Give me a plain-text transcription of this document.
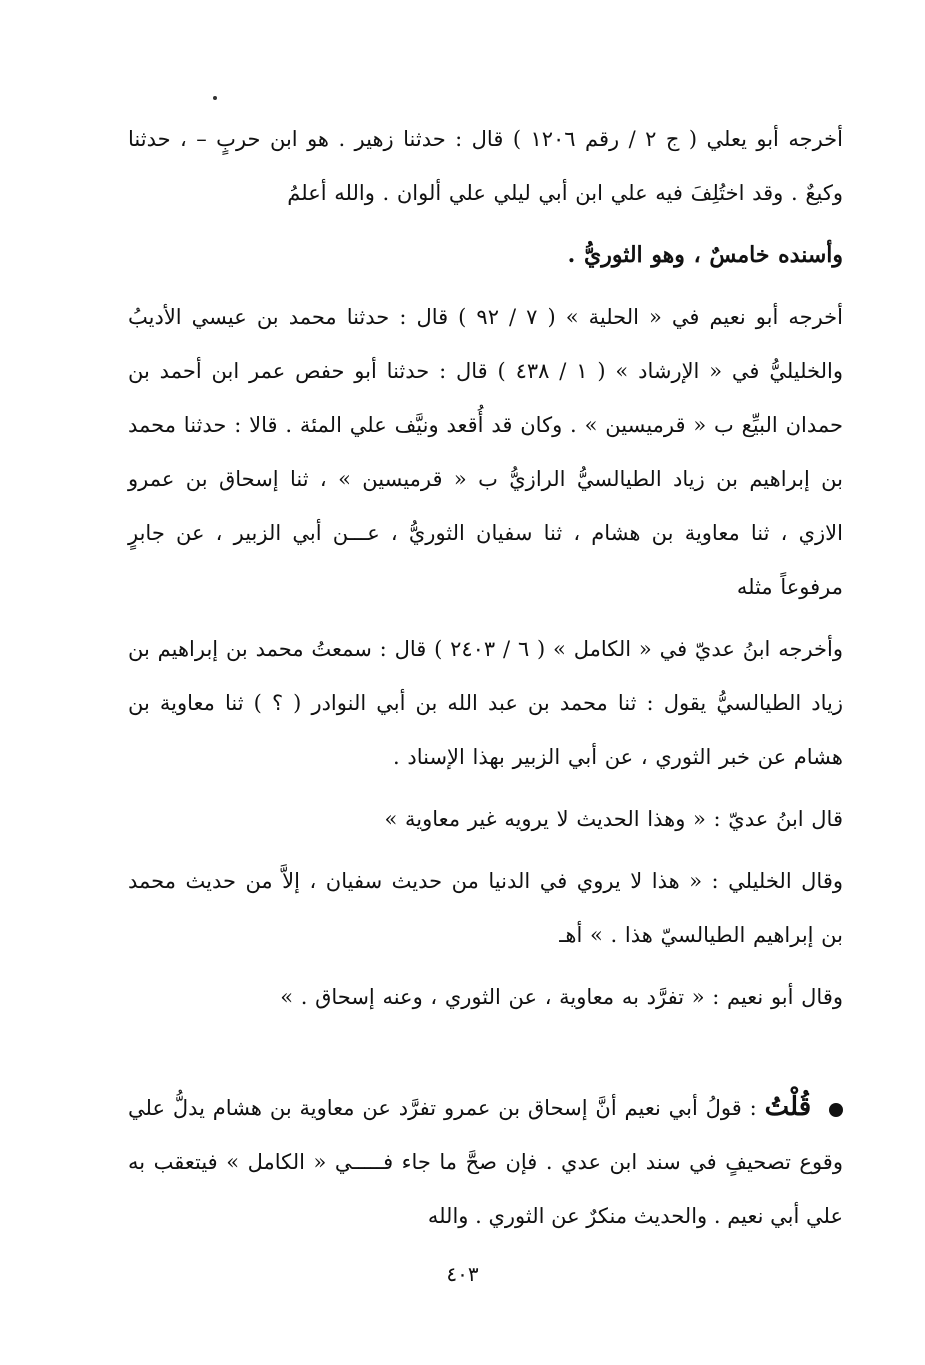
أخرجه أبو يعلي ( ج ٢ / رقم ١٢٠٦ ) قال : حدثنا زهير . هو ابن حربٍ – ، حدثنا وكيعٌ . وقد اختُلِفَ فيه علي ابن أبي ليلي علي ألوان . والله أعلمُ

وأسنده خامسٌ ، وهو الثوريُّ .

أخرجه أبو نعيم في « الحلية » ( ٧ / ٩٢ ) قال : حدثنا محمد بن عيسي الأديبُ والخليليُّ في « الإرشاد » ( ١ / ٤٣٨ ) قال : حدثنا أبو حفص عمر ابن أحمد بن حمدان البيِّع ب « قرميسين » . وكان قد أُقعد ونيَّف علي المئة . قالا : حدثنا محمد بن إبراهيم بن زياد الطيالسيُّ الرازيُّ ب « قرميسين » ، ثنا إسحاق بن عمرو الازي ، ثنا معاوية بن هشام ، ثنا سفيان الثوريُّ ، عـــن أبي الزبير ، عن جابرٍ مرفوعاً مثله

وأخرجه ابنُ عديّ في « الكامل » ( ٦ / ٢٤٠٣ ) قال : سمعتُ محمد بن إبراهيم بن زياد الطيالسيُّ يقول : ثنا محمد بن عبد الله بن أبي النوادر ( ؟ ) ثنا معاوية بن هشام عن خبر الثوري ، عن أبي الزبير بهذا الإسناد .

قال ابنُ عديّ : « وهذا الحديث لا يرويه غير معاوية »

وقال الخليلي : « هذا لا يروي في الدنيا من حديث سفيان ، إلاَّ من حديث محمد بن إبراهيم الطيالسيّ هذا . » أهـ

وقال أبو نعيم : « تفرَّد به معاوية ، عن الثوري ، وعنه إسحاق . »

قُلْتُ : قولُ أبي نعيم أنَّ إسحاق بن عمرو تفرَّد عن معاوية بن هشام يدلُّ علي وقوع تصحيفٍ في سند ابن عدي . فإن صحَّ ما جاء فـــــي « الكامل » فيتعقب به علي أبي نعيم . والحديث منكرٌ عن الثوري . والله

٤٠٣
